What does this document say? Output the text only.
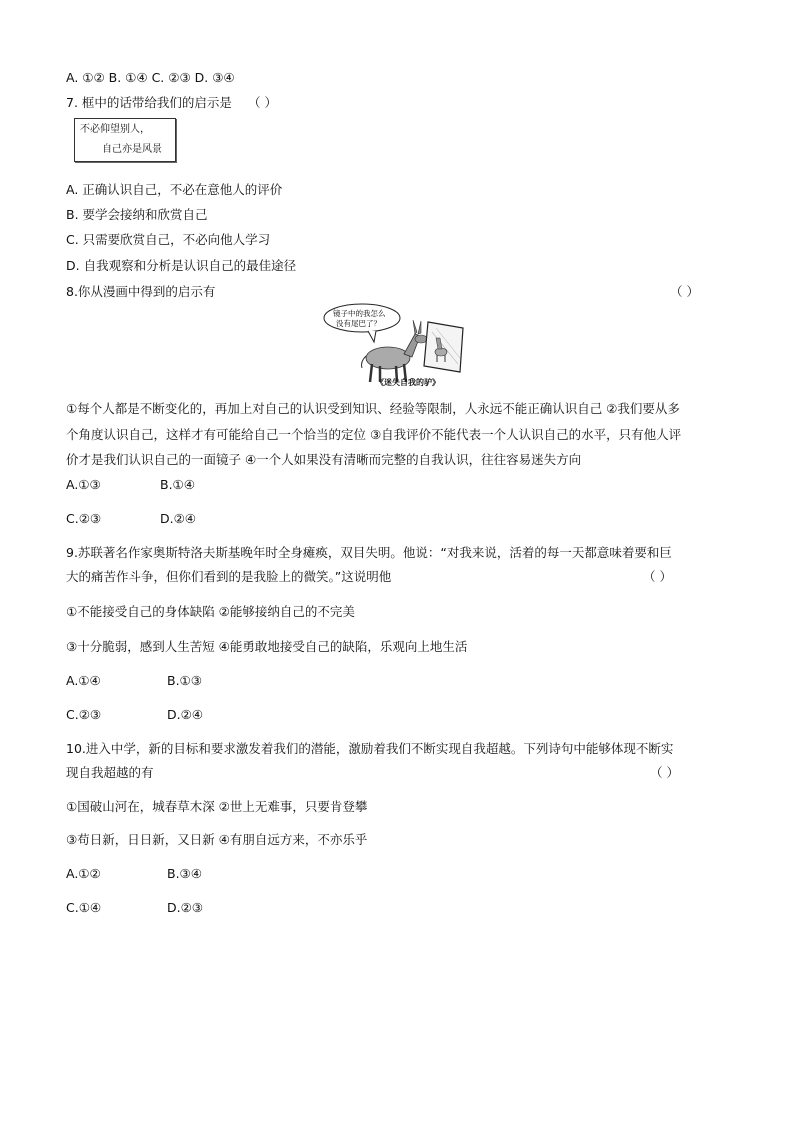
A. ①② B. ①④ C. ②③ D. ③④
7. 框中的话带给我们的启示是 （ ）
不必仰望别人，
自己亦是风景
A. 正确认识自己，不必在意他人的评价
B. 要学会接纳和欣赏自己
C. 只需要欣赏自己，不必向他人学习
D. 自我观察和分析是认识自己的最佳途径
8.你从漫画中得到的启示有	（ ）
镜子中的我怎么
没有尾巴了？
《迷失自我的驴》
①每个人都是不断变化的，再加上对自己的认识受到知识、经验等限制，人永远不能正确认识自己 ②我们要从多
个角度认识自己，这样才有可能给自己一个恰当的定位 ③自我评价不能代表一个人认识自己的水平，只有他人评
价才是我们认识自己的一面镜子 ④一个人如果没有清晰而完整的自我认识，往往容易迷失方向
A.①③	B.①④
C.②③	D.②④
9.苏联著名作家奥斯特洛夫斯基晚年时全身瘫痪，双目失明。他说：“对我来说，活着的每一天都意味着要和巨
大的痛苦作斗争，但你们看到的是我脸上的微笑。”这说明他	（ ）
①不能接受自己的身体缺陷 ②能够接纳自己的不完美
③十分脆弱，感到人生苦短 ④能勇敢地接受自己的缺陷，乐观向上地生活
A.①④	B.①③
C.②③	D.②④
10.进入中学，新的目标和要求激发着我们的潜能，激励着我们不断实现自我超越。下列诗句中能够体现不断实
现自我超越的有	（ ）
①国破山河在，城春草木深 ②世上无难事，只要肯登攀
③苟日新，日日新，又日新 ④有朋自远方来，不亦乐乎
A.①②	B.③④
C.①④	D.②③
